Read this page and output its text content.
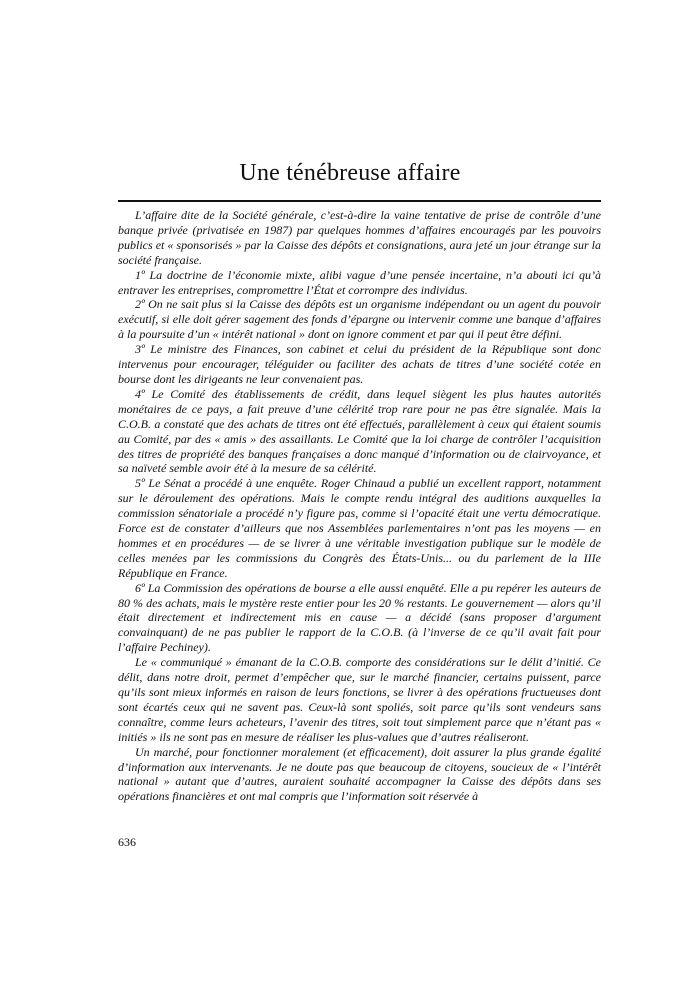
Une ténébreuse affaire

L’affaire dite de la Société générale, c’est-à-dire la vaine tentative de prise de contrôle d’une banque privée (privatisée en 1987) par quelques hommes d’affaires encouragés par les pouvoirs publics et « sponsorisés » par la Caisse des dépôts et consignations, aura jeté un jour étrange sur la société française.

1º La doctrine de l’économie mixte, alibi vague d’une pensée incertaine, n’a abouti ici qu’à entraver les entreprises, compromettre l’État et corrompre des individus.

2º On ne sait plus si la Caisse des dépôts est un organisme indépendant ou un agent du pouvoir exécutif, si elle doit gérer sagement des fonds d’épargne ou intervenir comme une banque d’affaires à la poursuite d’un « intérêt national » dont on ignore comment et par qui il peut être défini.

3º Le ministre des Finances, son cabinet et celui du président de la République sont donc intervenus pour encourager, téléguider ou faciliter des achats de titres d’une société cotée en bourse dont les dirigeants ne leur convenaient pas.

4º Le Comité des établissements de crédit, dans lequel siègent les plus hautes autorités monétaires de ce pays, a fait preuve d’une célérité trop rare pour ne pas être signalée. Mais la C.O.B. a constaté que des achats de titres ont été effectués, parallèlement à ceux qui étaient soumis au Comité, par des « amis » des assaillants. Le Comité que la loi charge de contrôler l’acquisition des titres de propriété des banques françaises a donc manqué d’information ou de clairvoyance, et sa naïveté semble avoir été à la mesure de sa célérité.

5º Le Sénat a procédé à une enquête. Roger Chinaud a publié un excellent rapport, notamment sur le déroulement des opérations. Mais le compte rendu intégral des auditions auxquelles la commission sénatoriale a procédé n’y figure pas, comme si l’opacité était une vertu démocratique. Force est de constater d’ailleurs que nos Assemblées parlementaires n’ont pas les moyens — en hommes et en procédures — de se livrer à une véritable investigation publique sur le modèle de celles menées par les commissions du Congrès des États-Unis... ou du parlement de la IIIe République en France.

6º La Commission des opérations de bourse a elle aussi enquêté. Elle a pu repérer les auteurs de 80 % des achats, mais le mystère reste entier pour les 20 % restants. Le gouvernement — alors qu’il était directement et indirectement mis en cause — a décidé (sans proposer d’argument convainquant) de ne pas publier le rapport de la C.O.B. (à l’inverse de ce qu’il avait fait pour l’affaire Pechiney).

Le « communiqué » émanant de la C.O.B. comporte des considérations sur le délit d’initié. Ce délit, dans notre droit, permet d’empêcher que, sur le marché financier, certains puissent, parce qu’ils sont mieux informés en raison de leurs fonctions, se livrer à des opérations fructueuses dont sont écartés ceux qui ne savent pas. Ceux-là sont spoliés, soit parce qu’ils sont vendeurs sans connaître, comme leurs acheteurs, l’avenir des titres, soit tout simplement parce que n’étant pas « initiés » ils ne sont pas en mesure de réaliser les plus-values que d’autres réaliseront.

Un marché, pour fonctionner moralement (et efficacement), doit assurer la plus grande égalité d’information aux intervenants. Je ne doute pas que beaucoup de citoyens, soucieux de « l’intérêt national » autant que d’autres, auraient souhaité accompagner la Caisse des dépôts dans ses opérations financières et ont mal compris que l’information soit réservée à

636
